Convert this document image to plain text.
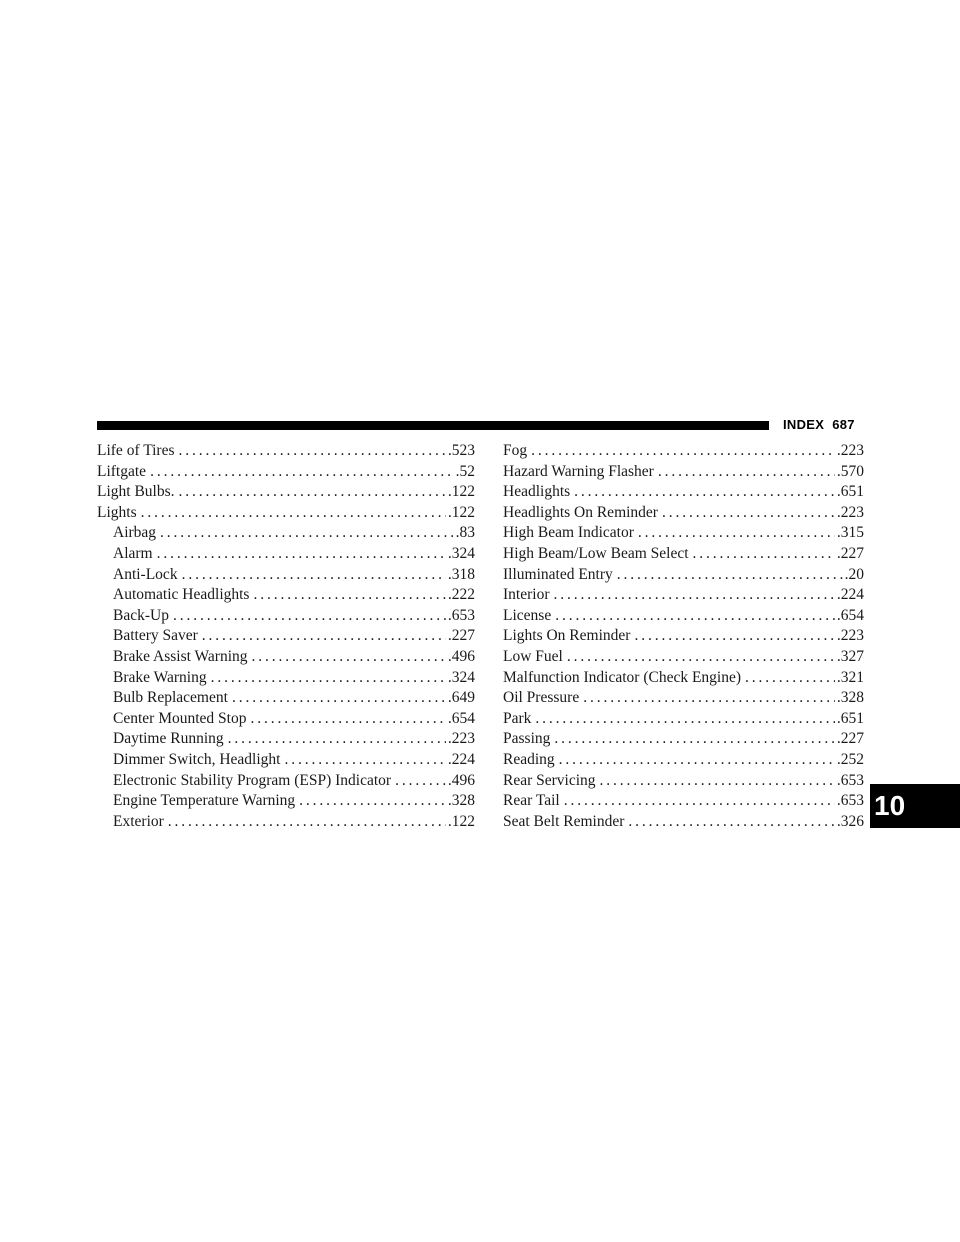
INDEX 687
Life of Tires . . .	.523
Liftgate . . .	.52
Light Bulbs. . . .	.122
Lights . . .	.122
Airbag . . .	.83
Alarm . . .	.324
Anti-Lock . . .	.318
Automatic Headlights . . .	.222
Back-Up . . .	.653
Battery Saver . . .	.227
Brake Assist Warning . . .	.496
Brake Warning . . .	.324
Bulb Replacement . . .	.649
Center Mounted Stop . . .	.654
Daytime Running . . .	.223
Dimmer Switch, Headlight . . .	.224
Electronic Stability Program (ESP) Indicator . . .	.496
Engine Temperature Warning . . .	.328
Exterior . . .	.122
Fog . . .	.223
Hazard Warning Flasher . . .	.570
Headlights . . .	.651
Headlights On Reminder . . .	.223
High Beam Indicator . . .	.315
High Beam/Low Beam Select . . .	.227
Illuminated Entry . . .	.20
Interior . . .	.224
License . . .	.654
Lights On Reminder . . .	.223
Low Fuel . . .	.327
Malfunction Indicator (Check Engine) . . .	.321
Oil Pressure . . .	.328
Park . . .	.651
Passing . . .	.227
Reading . . .	.252
Rear Servicing . . .	.653
Rear Tail . . .	.653
Seat Belt Reminder . . .	.326
10
